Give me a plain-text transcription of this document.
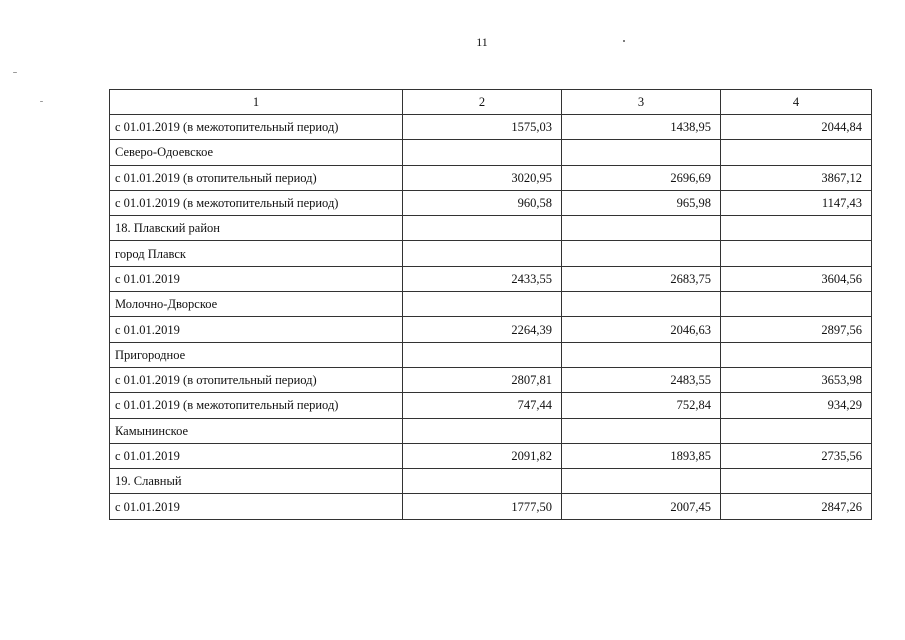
11
1	2	3	4
с 01.01.2019 (в межотопительный период)	1575,03	1438,95	2044,84
Северо-Одоевское			
с 01.01.2019 (в отопительный период)	3020,95	2696,69	3867,12
с 01.01.2019 (в межотопительный период)	960,58	965,98	1147,43
18. Плавский район			
город Плавск			
с 01.01.2019	2433,55	2683,75	3604,56
Молочно-Дворское			
с 01.01.2019	2264,39	2046,63	2897,56
Пригородное			
с 01.01.2019 (в отопительный период)	2807,81	2483,55	3653,98
с 01.01.2019 (в межотопительный период)	747,44	752,84	934,29
Камынинское			
с 01.01.2019	2091,82	1893,85	2735,56
19. Славный			
с 01.01.2019	1777,50	2007,45	2847,26
